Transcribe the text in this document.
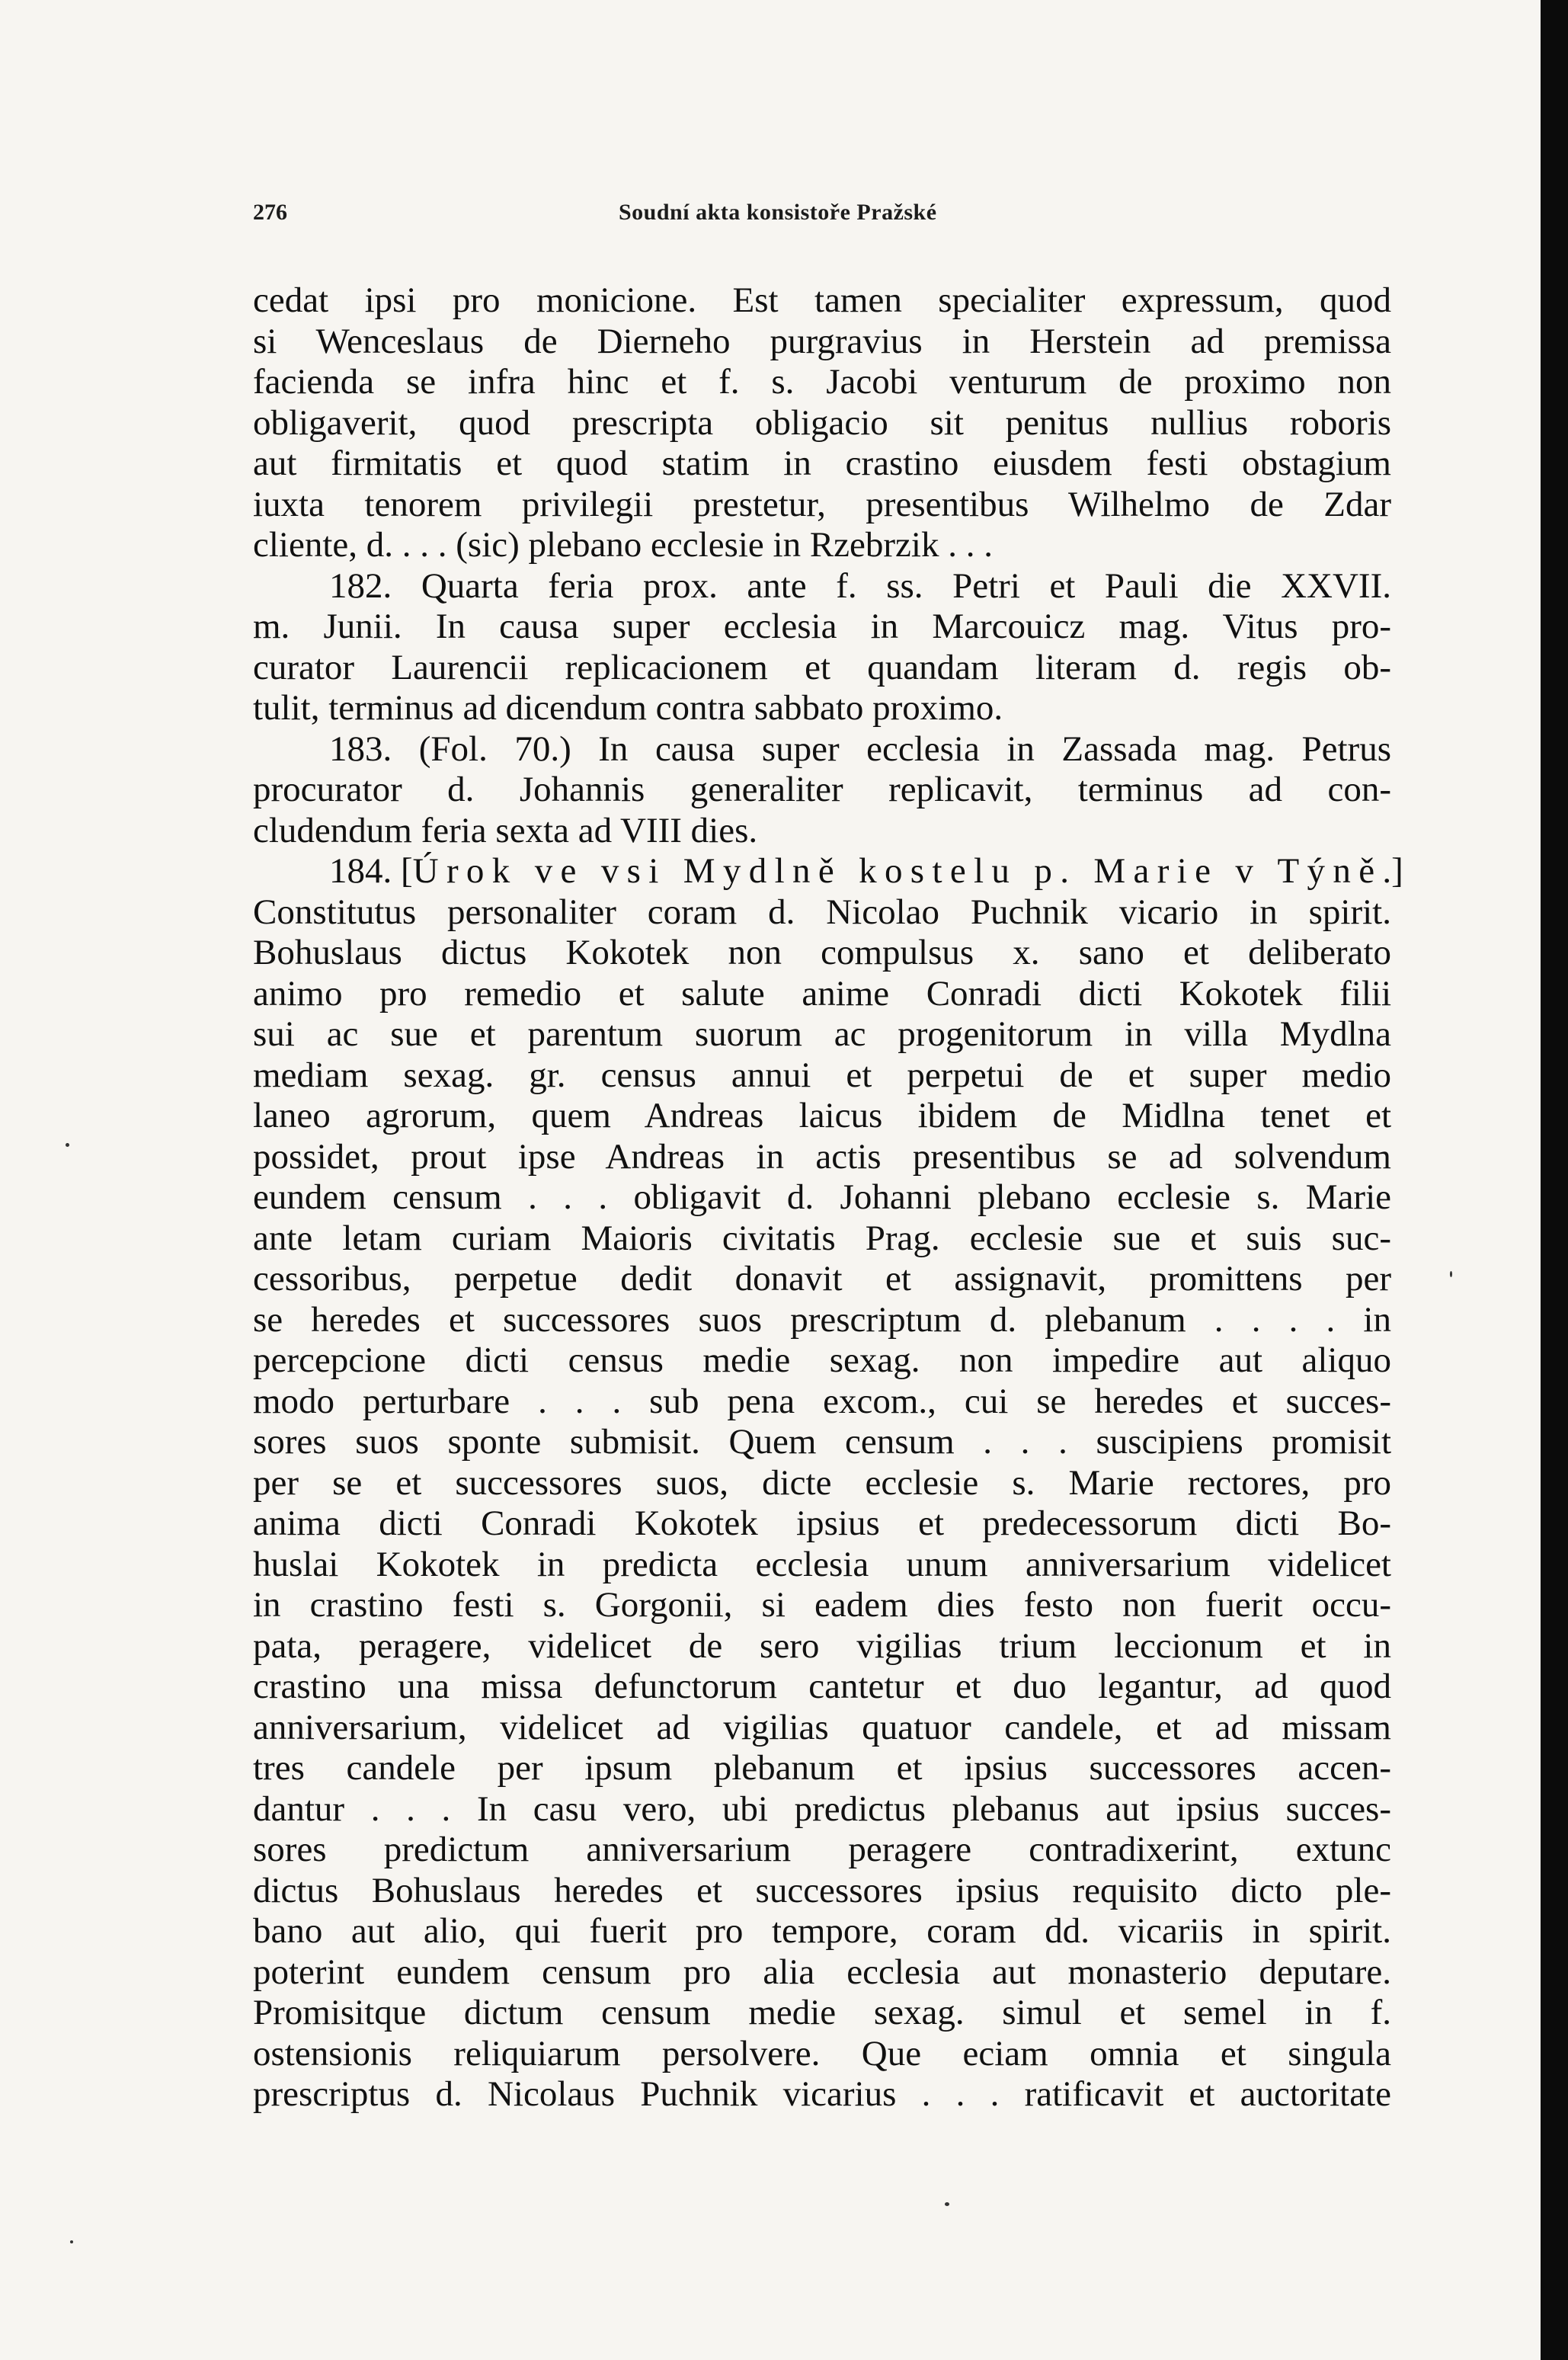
276	Soudní akta konsistoře Pražské
cedat ipsi pro monicione. Est tamen specialiter expressum, quod
si Wenceslaus de Dierneho purgravius in Herstein ad premissa
facienda se infra hinc et f. s. Jacobi venturum de proximo non
obligaverit, quod prescripta obligacio sit penitus nullius roboris
aut firmitatis et quod statim in crastino eiusdem festi obstagium
iuxta tenorem privilegii prestetur, presentibus Wilhelmo de Zdar
cliente, d. . . . (sic) plebano ecclesie in Rzebrzik . . .
182. Quarta feria prox. ante f. ss. Petri et Pauli die XXVII.
m. Junii. In causa super ecclesia in Marcouicz mag. Vitus pro-
curator Laurencii replicacionem et quandam literam d. regis ob-
tulit, terminus ad dicendum contra sabbato proximo.
183. (Fol. 70.) In causa super ecclesia in Zassada mag. Petrus
procurator d. Johannis generaliter replicavit, terminus ad con-
cludendum feria sexta ad VIII dies.
184. [Úrok ve vsi Mydlně kostelu p. Marie v Týně.]
Constitutus personaliter coram d. Nicolao Puchnik vicario in spirit.
Bohuslaus dictus Kokotek non compulsus x. sano et deliberato
animo pro remedio et salute anime Conradi dicti Kokotek filii
sui ac sue et parentum suorum ac progenitorum in villa Mydlna
mediam sexag. gr. census annui et perpetui de et super medio
laneo agrorum, quem Andreas laicus ibidem de Midlna tenet et
possidet, prout ipse Andreas in actis presentibus se ad solvendum
eundem censum . . . obligavit d. Johanni plebano ecclesie s. Marie
ante letam curiam Maioris civitatis Prag. ecclesie sue et suis suc-
cessoribus, perpetue dedit donavit et assignavit, promittens per
se heredes et successores suos prescriptum d. plebanum . . . . in
percepcione dicti census medie sexag. non impedire aut aliquo
modo perturbare . . . sub pena excom., cui se heredes et succes-
sores suos sponte submisit. Quem censum . . . suscipiens promisit
per se et successores suos, dicte ecclesie s. Marie rectores, pro
anima dicti Conradi Kokotek ipsius et predecessorum dicti Bo-
huslai Kokotek in predicta ecclesia unum anniversarium videlicet
in crastino festi s. Gorgonii, si eadem dies festo non fuerit occu-
pata, peragere, videlicet de sero vigilias trium leccionum et in
crastino una missa defunctorum cantetur et duo legantur, ad quod
anniversarium, videlicet ad vigilias quatuor candele, et ad missam
tres candele per ipsum plebanum et ipsius successores accen-
dantur . . . In casu vero, ubi predictus plebanus aut ipsius succes-
sores predictum anniversarium peragere contradixerint, extunc
dictus Bohuslaus heredes et successores ipsius requisito dicto ple-
bano aut alio, qui fuerit pro tempore, coram dd. vicariis in spirit.
poterint eundem censum pro alia ecclesia aut monasterio deputare.
Promisitque dictum censum medie sexag. simul et semel in f.
ostensionis reliquiarum persolvere. Que eciam omnia et singula
prescriptus d. Nicolaus Puchnik vicarius . . . ratificavit et auctoritate
